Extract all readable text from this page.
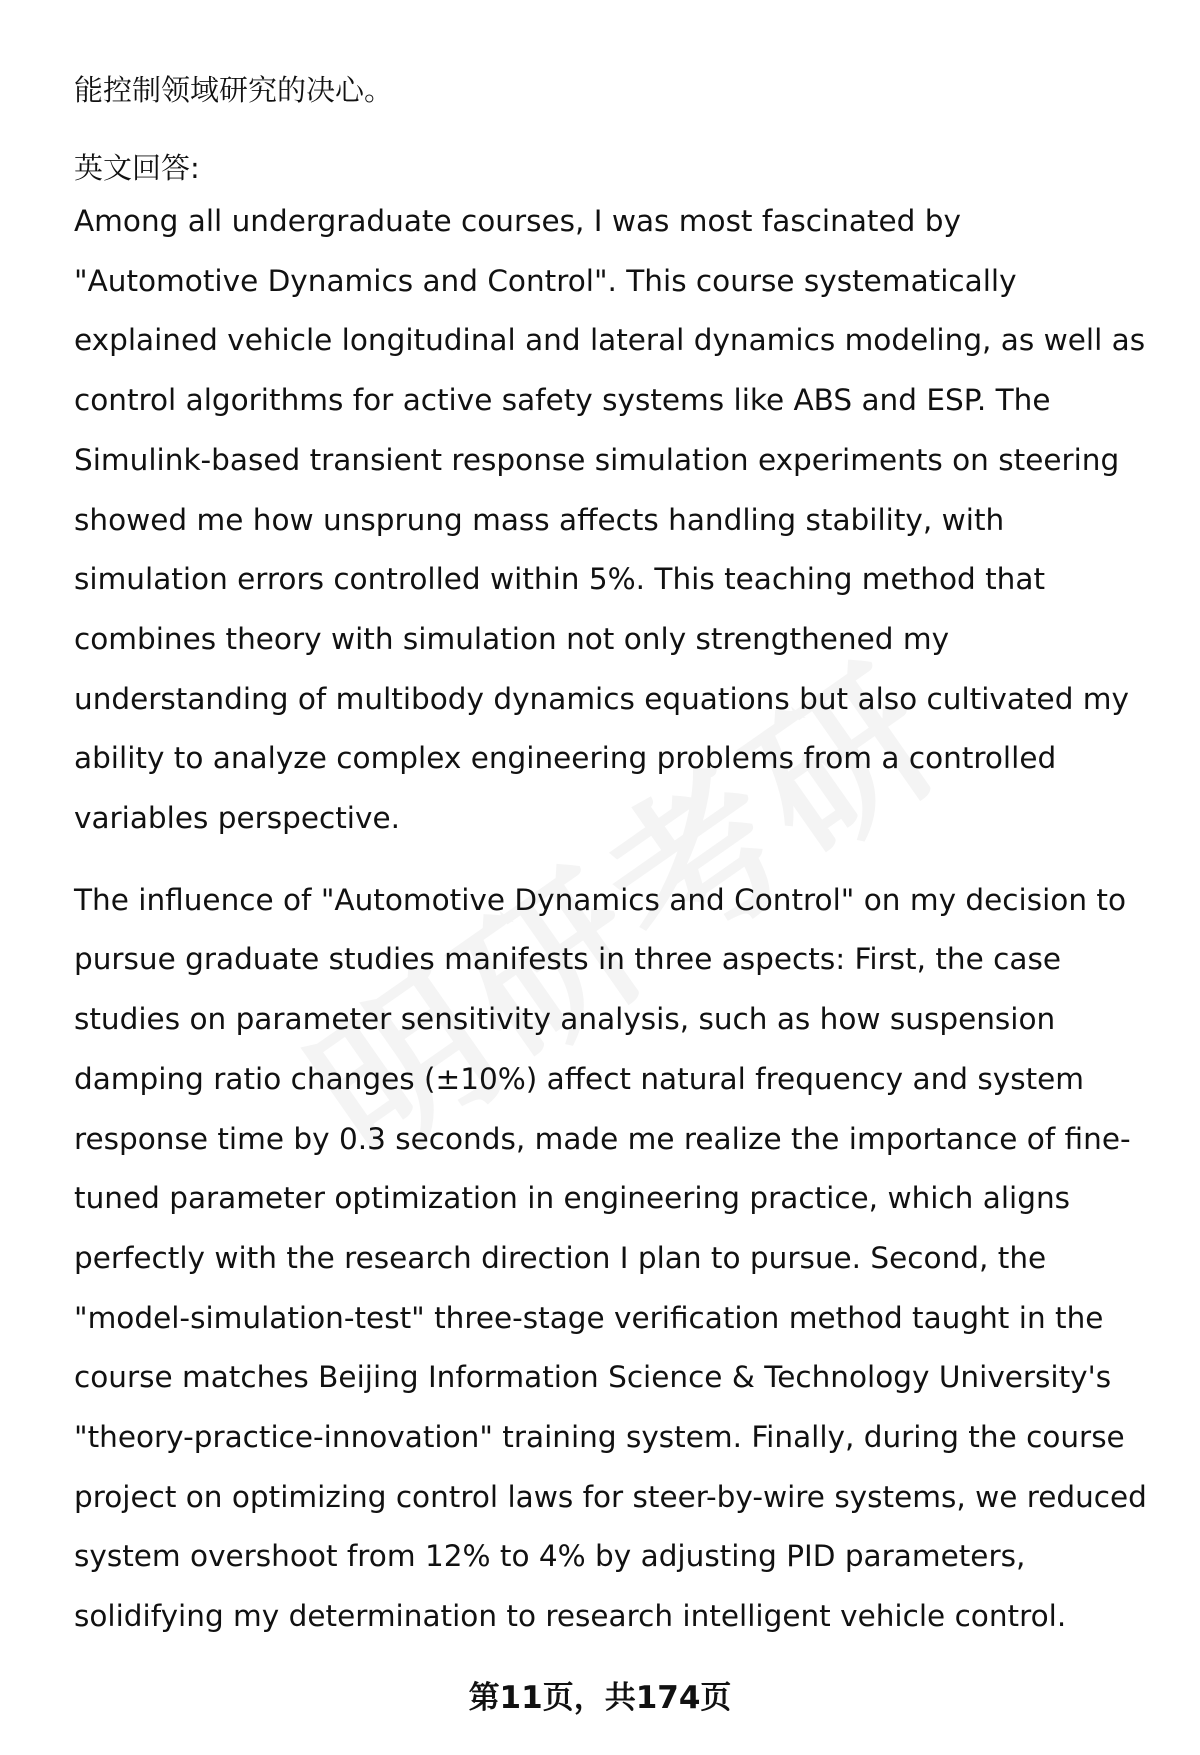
能控制领域研究的决心。

英文回答:

Among all undergraduate courses, I was most fascinated by "Automotive Dynamics and Control". This course systematically explained vehicle longitudinal and lateral dynamics modeling, as well as control algorithms for active safety systems like ABS and ESP. The Simulink-based transient response simulation experiments on steering showed me how unsprung mass affects handling stability, with simulation errors controlled within 5%. This teaching method that combines theory with simulation not only strengthened my understanding of multibody dynamics equations but also cultivated my ability to analyze complex engineering problems from a controlled variables perspective.

The influence of "Automotive Dynamics and Control" on my decision to pursue graduate studies manifests in three aspects: First, the case studies on parameter sensitivity analysis, such as how suspension damping ratio changes (±10%) affect natural frequency and system response time by 0.3 seconds, made me realize the importance of fine-tuned parameter optimization in engineering practice, which aligns perfectly with the research direction I plan to pursue. Second, the "model-simulation-test" three-stage verification method taught in the course matches Beijing Information Science & Technology University's "theory-practice-innovation" training system. Finally, during the course project on optimizing control laws for steer-by-wire systems, we reduced system overshoot from 12% to 4% by adjusting PID parameters, solidifying my determination to research intelligent vehicle control.

第11页，共174页
